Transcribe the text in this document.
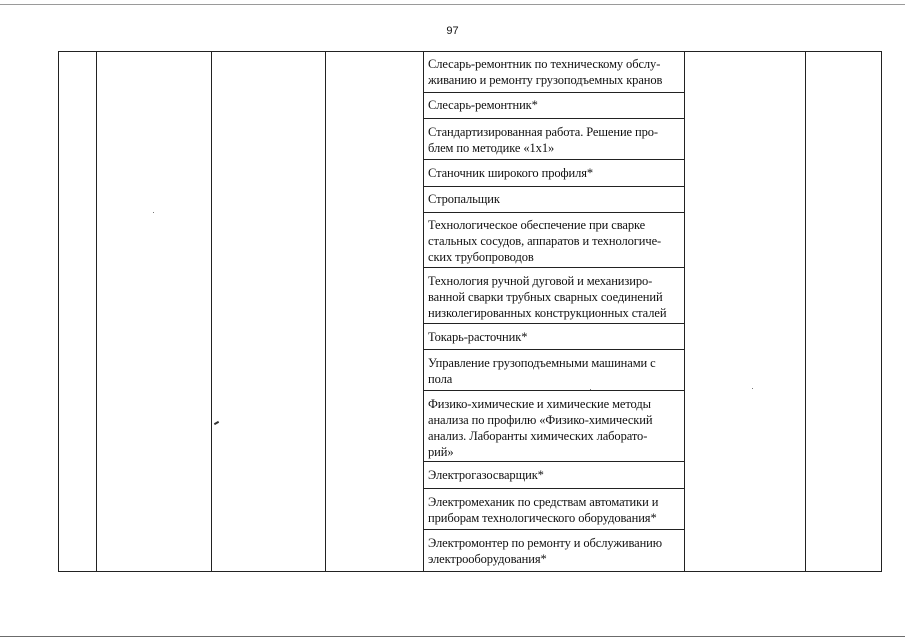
97
Слесарь-ремонтник по техническому обслу-
живанию и ремонту грузоподъемных кранов
Слесарь-ремонтник*
Стандартизированная работа. Решение про-
блем по методике «1x1»
Станочник широкого профиля*
Стропальщик
Технологическое обеспечение при сварке
стальных сосудов, аппаратов и технологиче-
ских трубопроводов
Технология ручной дуговой и механизиро-
ванной сварки трубных сварных соединений
низколегированных конструкционных сталей
Токарь-расточник*
Управление грузоподъемными машинами с
пола
Физико-химические и химические методы
анализа по профилю «Физико-химический
анализ. Лаборанты химических лаборато-
рий»
Электрогазосварщик*
Электромеханик по средствам автоматики и
приборам технологического оборудования*
Электромонтер по ремонту и обслуживанию
электрооборудования*
